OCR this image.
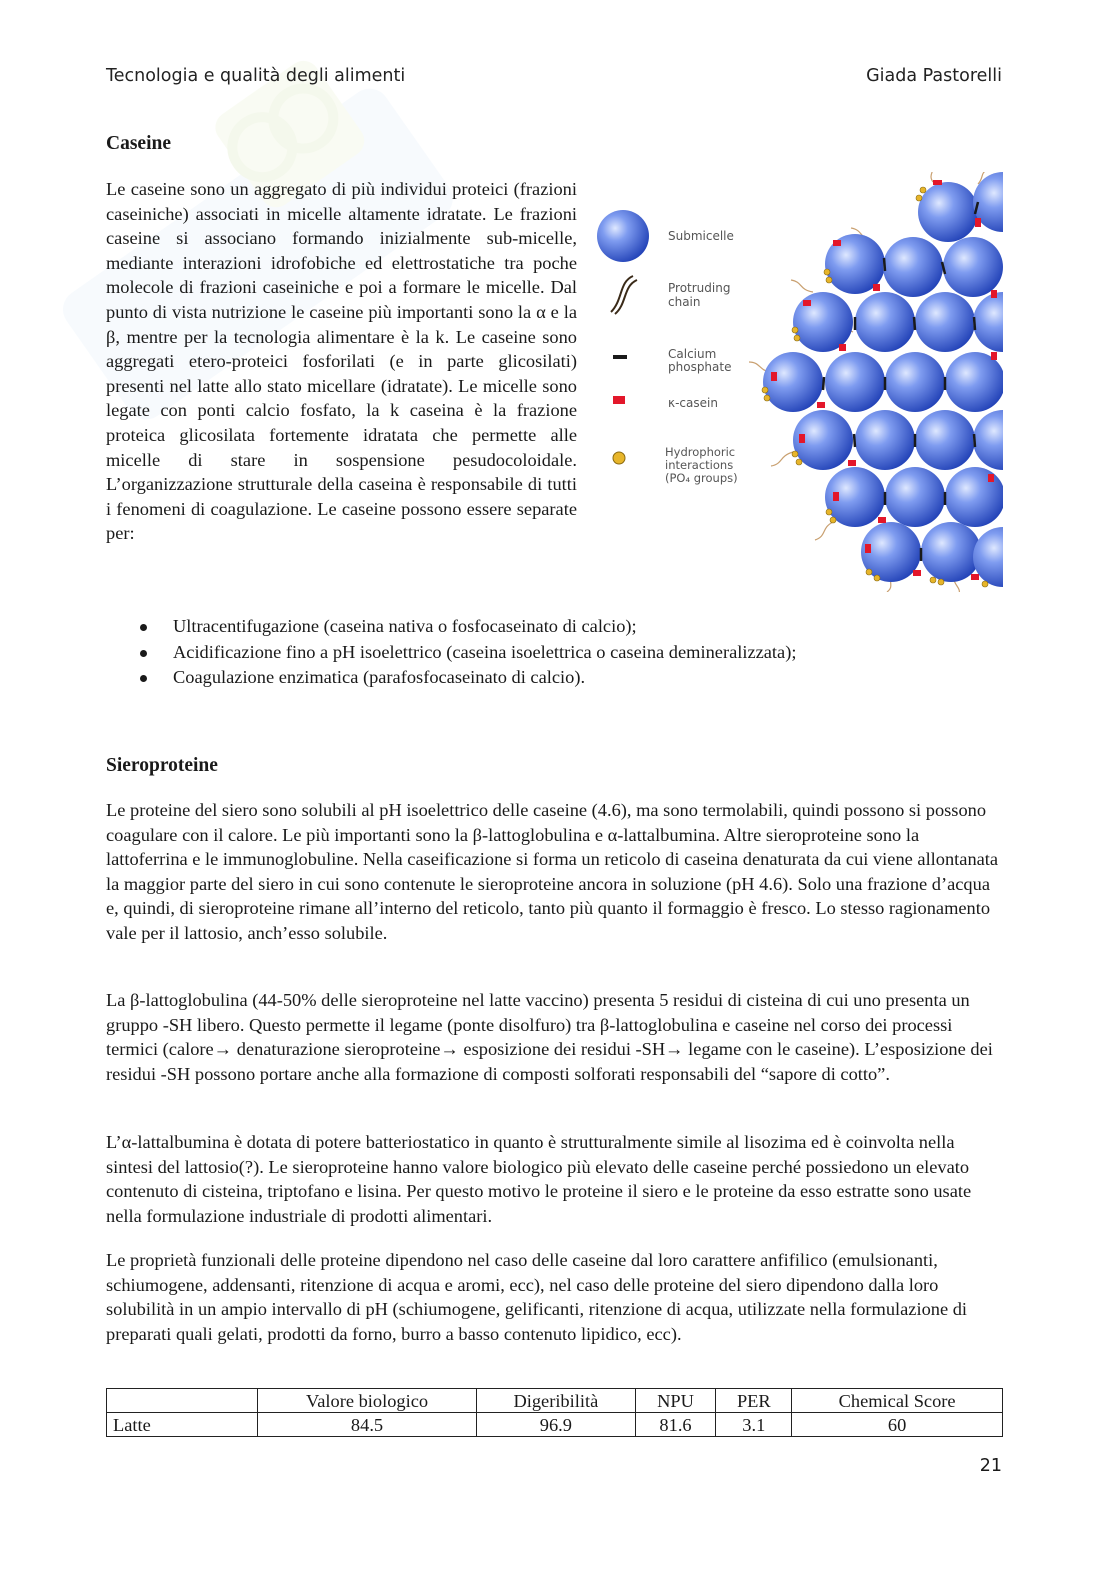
Tecnologia e qualità degli alimenti	Giada Pastorelli
Caseine

Le caseine sono un aggregato di più individui proteici (frazioni caseiniche) associati in micelle altamente idratate. Le frazioni caseine si associano formando inizialmente sub-micelle, mediante interazioni idrofobiche ed elettrostatiche tra poche molecole di frazioni caseiniche e poi a formare le micelle. Dal punto di vista nutrizione le caseine più importanti sono la α e la β, mentre per la tecnologia alimentare è la k. Le caseine sono aggregati etero-proteici fosforilati (e in parte glicosilati) presenti nel latte allo stato micellare (idratate). Le micelle sono legate con ponti calcio fosfato, la k caseina è la frazione proteica glicosilata fortemente idratata che permette alle micelle di stare in sospensione pesudocoloidale. L’organizzazione strutturale della caseina è responsabile di tutti i fenomeni di coagulazione. Le caseine possono essere separate per:

Ultracentifugazione (caseina nativa o fosfocaseinato di calcio);
Acidificazione fino a pH isoelettrico (caseina isoelettrica o caseina demineralizzata);
Coagulazione enzimatica (parafosfocaseinato di calcio).
Sieroproteine

Le proteine del siero sono solubili al pH isoelettrico delle caseine (4.6), ma sono termolabili, quindi possono si possono coagulare con il calore. Le più importanti sono la β-lattoglobulina e α-lattalbumina. Altre sieroproteine sono la lattoferrina e le immunoglobuline. Nella caseificazione si forma un reticolo di caseina denaturata da cui viene allontanata la maggior parte del siero in cui sono contenute le sieroproteine ancora in soluzione (pH 4.6). Solo una frazione d’acqua e, quindi, di sieroproteine rimane all’interno del reticolo, tanto più quanto il formaggio è fresco. Lo stesso ragionamento vale per il lattosio, anch’esso solubile.

La β-lattoglobulina (44-50% delle sieroproteine nel latte vaccino) presenta 5 residui di cisteina di cui uno presenta un gruppo -SH libero. Questo permette il legame (ponte disolfuro) tra β-lattoglobulina e caseine nel corso dei processi termici (calore→ denaturazione sieroproteine→ esposizione dei residui -SH→ legame con le caseine). L’esposizione dei residui -SH possono portare anche alla formazione di composti solforati responsabili del “sapore di cotto”.

L’α-lattalbumina è dotata di potere batteriostatico in quanto è strutturalmente simile al lisozima ed è coinvolta nella sintesi del lattosio(?). Le sieroproteine hanno valore biologico più elevato delle caseine perché possiedono un elevato contenuto di cisteina, triptofano e lisina. Per questo motivo le proteine il siero e le proteine da esso estratte sono usate nella formulazione industriale di prodotti alimentari.

Le proprietà funzionali delle proteine dipendono nel caso delle caseine dal loro carattere anfifilico (emulsionanti, schiumogene, addensanti, ritenzione di acqua e aromi, ecc), nel caso delle proteine del siero dipendono dalla loro solubilità in un ampio intervallo di pH (schiumogene, gelificanti, ritenzione di acqua, utilizzate nella formulazione di preparati quali gelati, prodotti da forno, burro a basso contenuto lipidico, ecc).

Submicelle
Protruding
chain
Calcium
phosphate
κ-casein
Hydrophoric
interactions
(PO₄ groups)
	Valore biologico	Digeribilità	NPU	PER	Chemical Score
Latte	84.5	96.9	81.6	3.1	60
21
